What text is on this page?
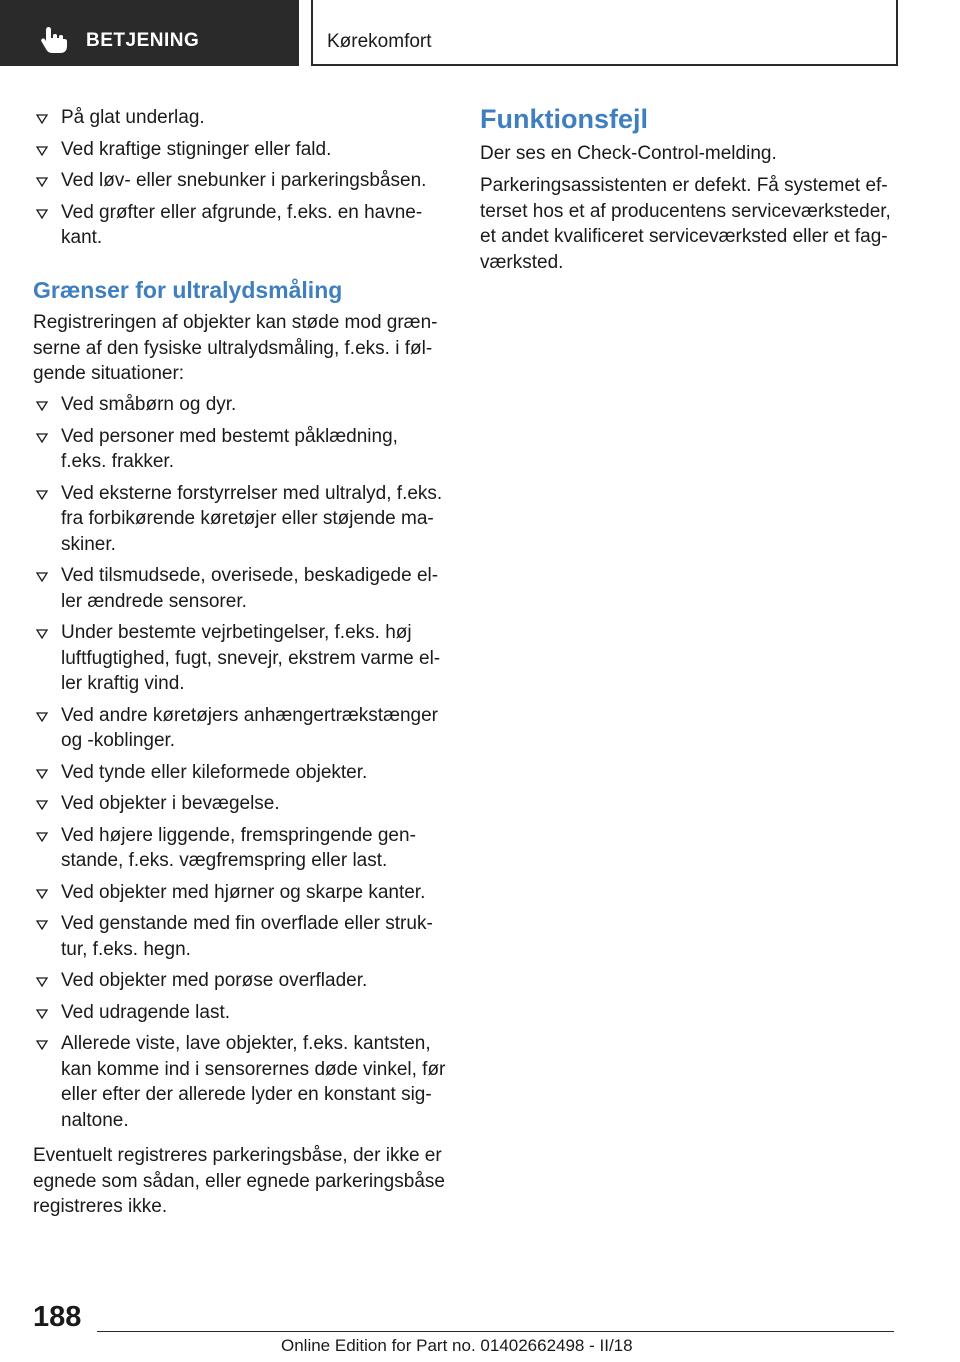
BETJENING	Kørekomfort
På glat underlag.
Ved kraftige stigninger eller fald.
Ved løv- eller snebunker i parkeringsbåsen.
Ved grøfter eller afgrunde, f.eks. en havne- kant.
Grænser for ultralydsmåling

Registreringen af objekter kan støde mod græn- serne af den fysiske ultralydsmåling, f.eks. i føl- gende situationer:

Ved småbørn og dyr.
Ved personer med bestemt påklædning, f.eks. frakker.
Ved eksterne forstyrrelser med ultralyd, f.eks. fra forbikørende køretøjer eller støjende ma- skiner.
Ved tilsmudsede, overisede, beskadigede el- ler ændrede sensorer.
Under bestemte vejrbetingelser, f.eks. høj luftfugtighed, fugt, snevejr, ekstrem varme el- ler kraftig vind.
Ved andre køretøjers anhængertrækstænger og -koblinger.
Ved tynde eller kileformede objekter.
Ved objekter i bevægelse.
Ved højere liggende, fremspringende gen- stande, f.eks. vægfremspring eller last.
Ved objekter med hjørner og skarpe kanter.
Ved genstande med fin overflade eller struk- tur, f.eks. hegn.
Ved objekter med porøse overflader.
Ved udragende last.
Allerede viste, lave objekter, f.eks. kantsten, kan komme ind i sensorernes døde vinkel, før eller efter der allerede lyder en konstant sig- naltone.

Eventuelt registreres parkeringsbåse, der ikke er egnede som sådan, eller egnede parkeringsbåse registreres ikke.

Funktionsfejl

Der ses en Check-Control-melding.

Parkeringsassistenten er defekt. Få systemet ef- terset hos et af producentens serviceværksteder, et andet kvalificeret serviceværksted eller et fag- værksted.

188
Online Edition for Part no. 01402662498 - II/18
